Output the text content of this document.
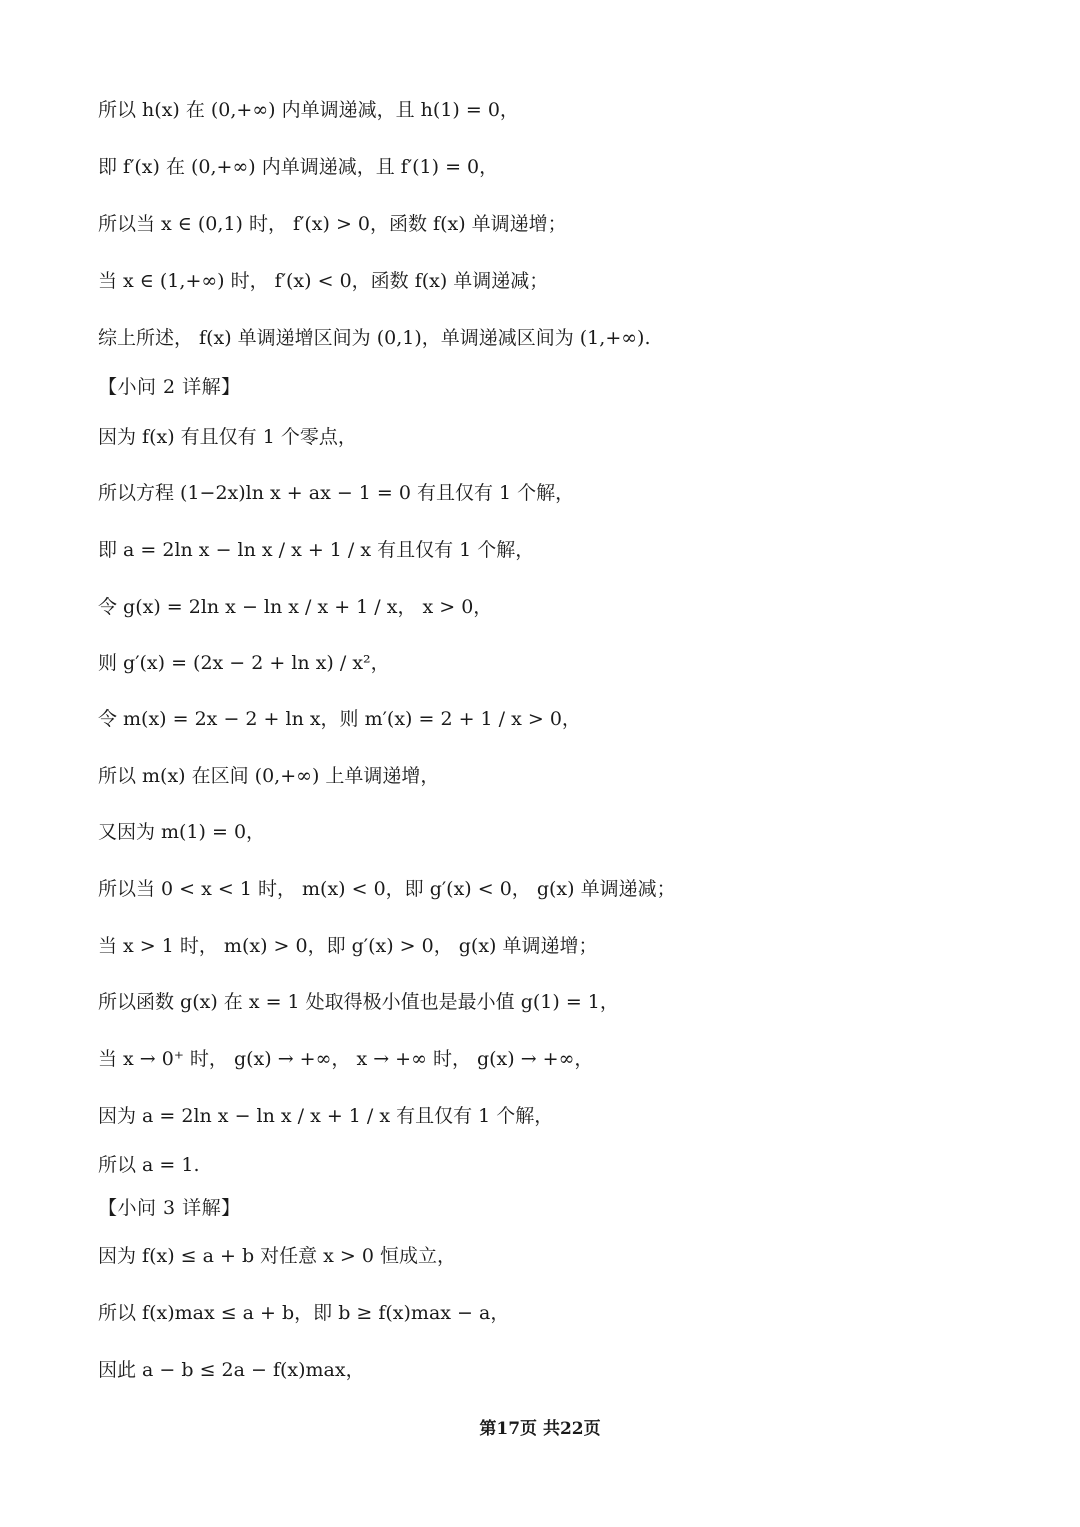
所以 h(x) 在 (0,+∞) 内单调递减，且 h(1) = 0，
即 f′(x) 在 (0,+∞) 内单调递减，且 f′(1) = 0，
所以当 x ∈ (0,1) 时， f′(x) > 0，函数 f(x) 单调递增；
当 x ∈ (1,+∞) 时， f′(x) < 0，函数 f(x) 单调递减；
综上所述， f(x) 单调递增区间为 (0,1)，单调递减区间为 (1,+∞).
【小问 2 详解】
因为 f(x) 有且仅有 1 个零点，
所以方程 (1−2x)ln x + ax − 1 = 0 有且仅有 1 个解，
即 a = 2ln x − ln x / x + 1 / x 有且仅有 1 个解，
令 g(x) = 2ln x − ln x / x + 1 / x， x > 0，
则 g′(x) = (2x − 2 + ln x) / x²，
令 m(x) = 2x − 2 + ln x，则 m′(x) = 2 + 1 / x > 0，
所以 m(x) 在区间 (0,+∞) 上单调递增，
又因为 m(1) = 0，
所以当 0 < x < 1 时， m(x) < 0，即 g′(x) < 0， g(x) 单调递减；
当 x > 1 时， m(x) > 0，即 g′(x) > 0， g(x) 单调递增；
所以函数 g(x) 在 x = 1 处取得极小值也是最小值 g(1) = 1，
当 x → 0⁺ 时， g(x) → +∞， x → +∞ 时， g(x) → +∞，
因为 a = 2ln x − ln x / x + 1 / x 有且仅有 1 个解，
所以 a = 1.
【小问 3 详解】
因为 f(x) ≤ a + b 对任意 x > 0 恒成立，
所以 f(x)max ≤ a + b，即 b ≥ f(x)max − a，
因此 a − b ≤ 2a − f(x)max，
第17页 共22页
